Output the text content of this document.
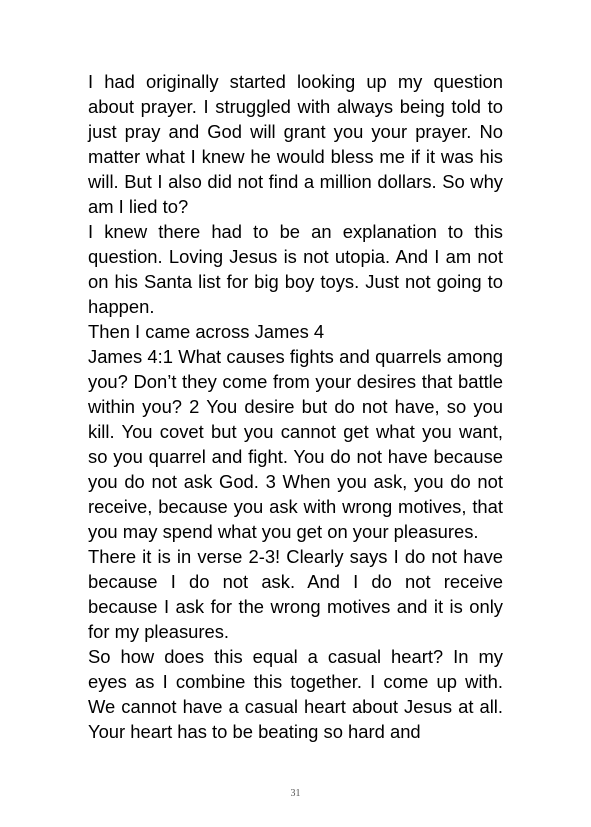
I had originally started looking up my question about prayer. I struggled with always being told to just pray and God will grant you your prayer. No matter what I knew he would bless me if it was his will. But I also did not find a million dollars. So why am I lied to?

I knew there had to be an explanation to this question. Loving Jesus is not utopia. And I am not on his Santa list for big boy toys. Just not going to happen.

Then I came across James 4

James 4:1 What causes fights and quarrels among you? Don’t they come from your desires that battle within you? 2 You desire but do not have, so you kill. You covet but you cannot get what you want, so you quarrel and fight. You do not have because you do not ask God. 3 When you ask, you do not receive, because you ask with wrong motives, that you may spend what you get on your pleasures.

There it is in verse 2-3! Clearly says I do not have because I do not ask. And I do not receive because I ask for the wrong motives and it is only for my pleasures.

So how does this equal a casual heart? In my eyes as I combine this together. I come up with. We cannot have a casual heart about Jesus at all. Your heart has to be beating so hard and

31
